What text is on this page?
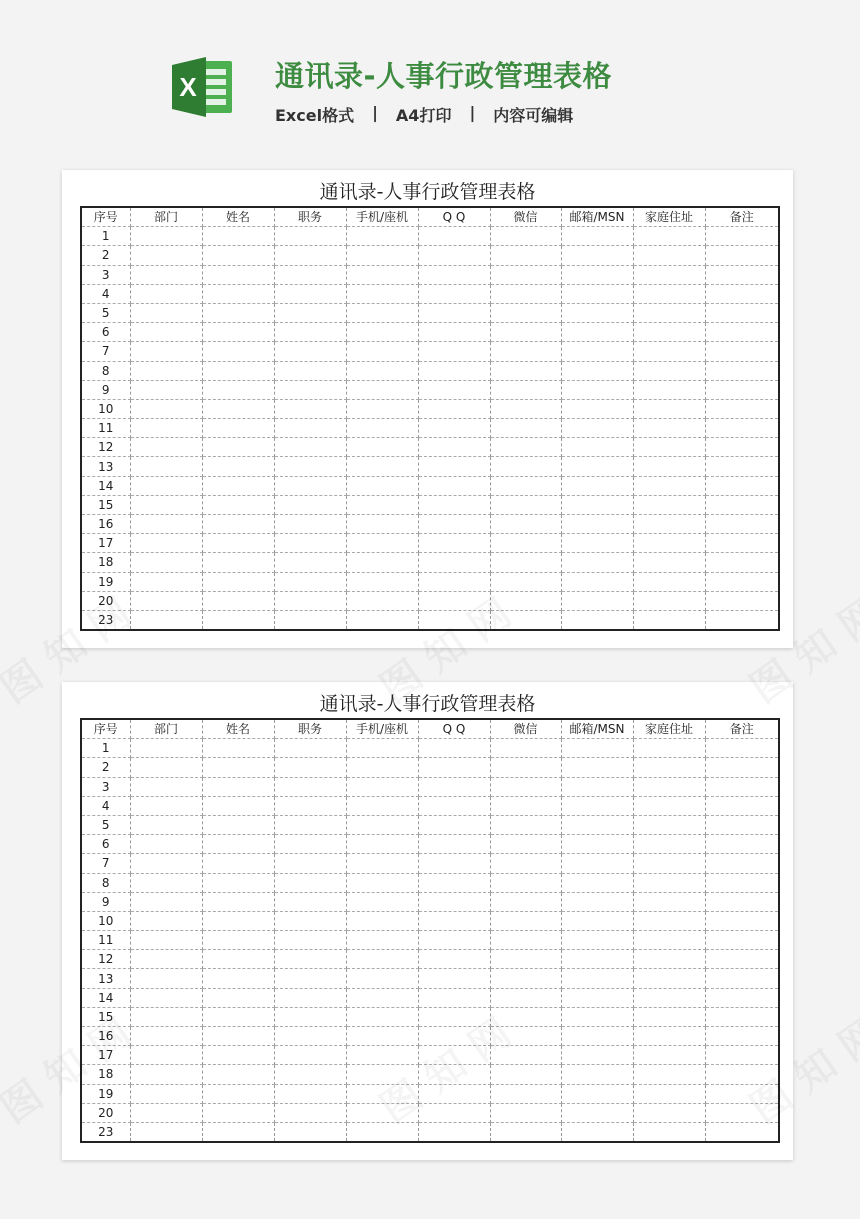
X	通讯录-人事行政管理表格
Excel格式 | A4打印 | 内容可编辑
通讯录-人事行政管理表格
序号	部门	姓名	职务	手机/座机	Q Q	微信	邮箱/MSN	家庭住址	备注
1									
2									
3									
4									
5									
6									
7									
8									
9									
10									
11									
12									
13									
14									
15									
16									
17									
18									
19									
20									
23									
通讯录-人事行政管理表格
序号	部门	姓名	职务	手机/座机	Q Q	微信	邮箱/MSN	家庭住址	备注
1									
2									
3									
4									
5									
6									
7									
8									
9									
10									
11									
12									
13									
14									
15									
16									
17									
18									
19									
20									
23									
